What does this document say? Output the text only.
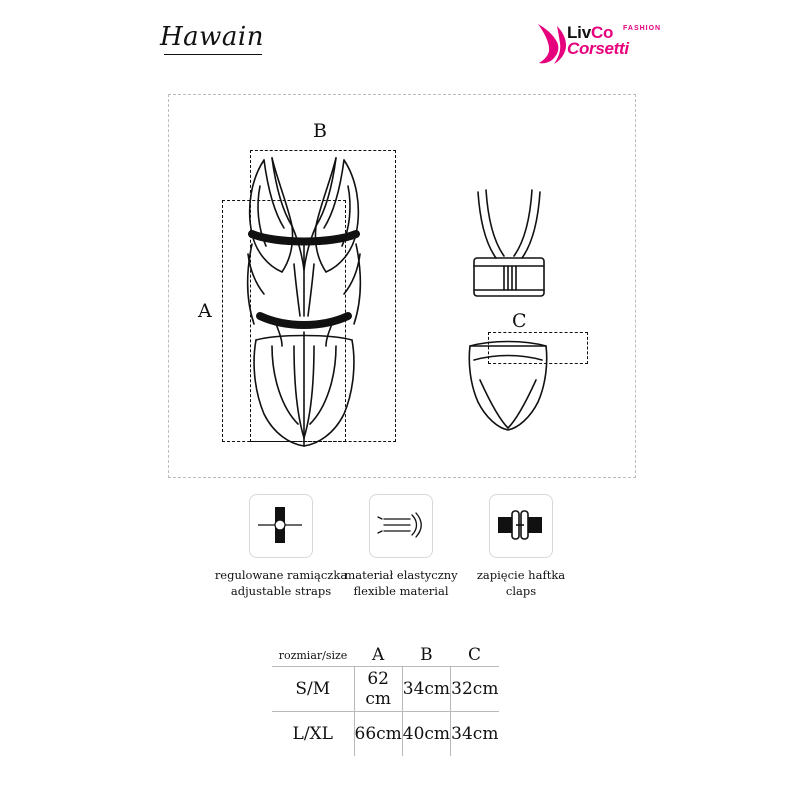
Hawain	LivCo FASHION
Corsetti
B
A	C
regulowane ramiączka
adjustable straps
materiał elastyczny
flexible material
zapięcie haftka
claps
rozmiar/size	A	B	C
S/M	62 cm	34cm	32cm
L/XL	66cm	40cm	34cm
